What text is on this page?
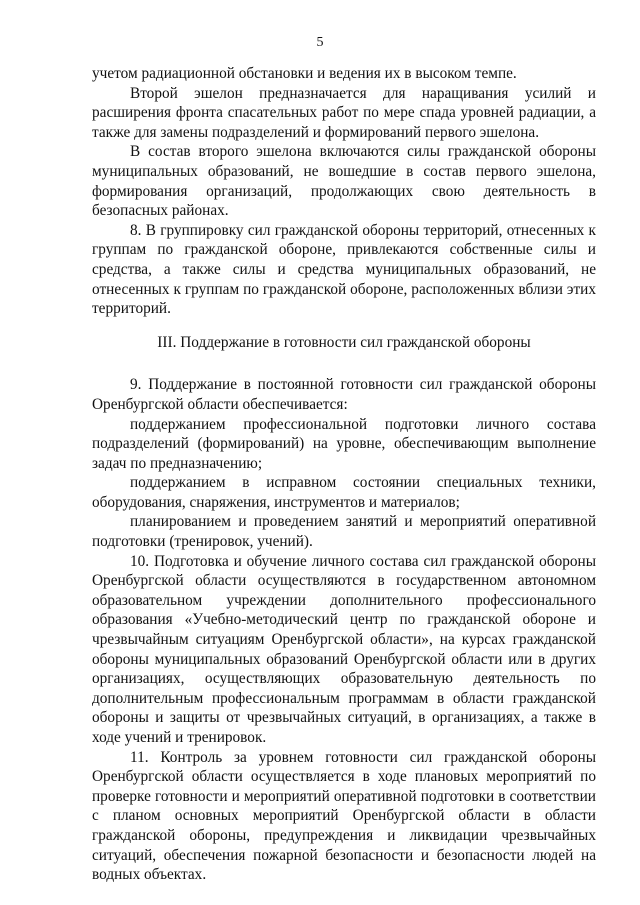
5

учетом радиационной обстановки и ведения их в высоком темпе.

Второй эшелон предназначается для наращивания усилий и расширения фронта спасательных работ по мере спада уровней радиации, а также для замены подразделений и формирований первого эшелона.

В состав второго эшелона включаются силы гражданской обороны муниципальных образований, не вошедшие в состав первого эшелона, формирования организаций, продолжающих свою деятельность в безопасных районах.

8. В группировку сил гражданской обороны территорий, отнесенных к группам по гражданской обороне, привлекаются собственные силы и средства, а также силы и средства муниципальных образований, не отнесенных к группам по гражданской обороне, расположенных вблизи этих территорий.

III. Поддержание в готовности сил гражданской обороны

9. Поддержание в постоянной готовности сил гражданской обороны Оренбургской области обеспечивается:

поддержанием профессиональной подготовки личного состава подразделений (формирований) на уровне, обеспечивающим выполнение задач по предназначению;

поддержанием в исправном состоянии специальных техники, оборудования, снаряжения, инструментов и материалов;

планированием и проведением занятий и мероприятий оперативной подготовки (тренировок, учений).

10. Подготовка и обучение личного состава сил гражданской обороны Оренбургской области осуществляются в государственном автономном образовательном учреждении дополнительного профессионального образования «Учебно-методический центр по гражданской обороне и чрезвычайным ситуациям Оренбургской области», на курсах гражданской обороны муниципальных образований Оренбургской области или в других организациях, осуществляющих образовательную деятельность по дополнительным профессиональным программам в области гражданской обороны и защиты от чрезвычайных ситуаций, в организациях, а также в ходе учений и тренировок.

11. Контроль за уровнем готовности сил гражданской обороны Оренбургской области осуществляется в ходе плановых мероприятий по проверке готовности и мероприятий оперативной подготовки в соответствии с планом основных мероприятий Оренбургской области в области гражданской обороны, предупреждения и ликвидации чрезвычайных ситуаций, обеспечения пожарной безопасности и безопасности людей на водных объектах.
